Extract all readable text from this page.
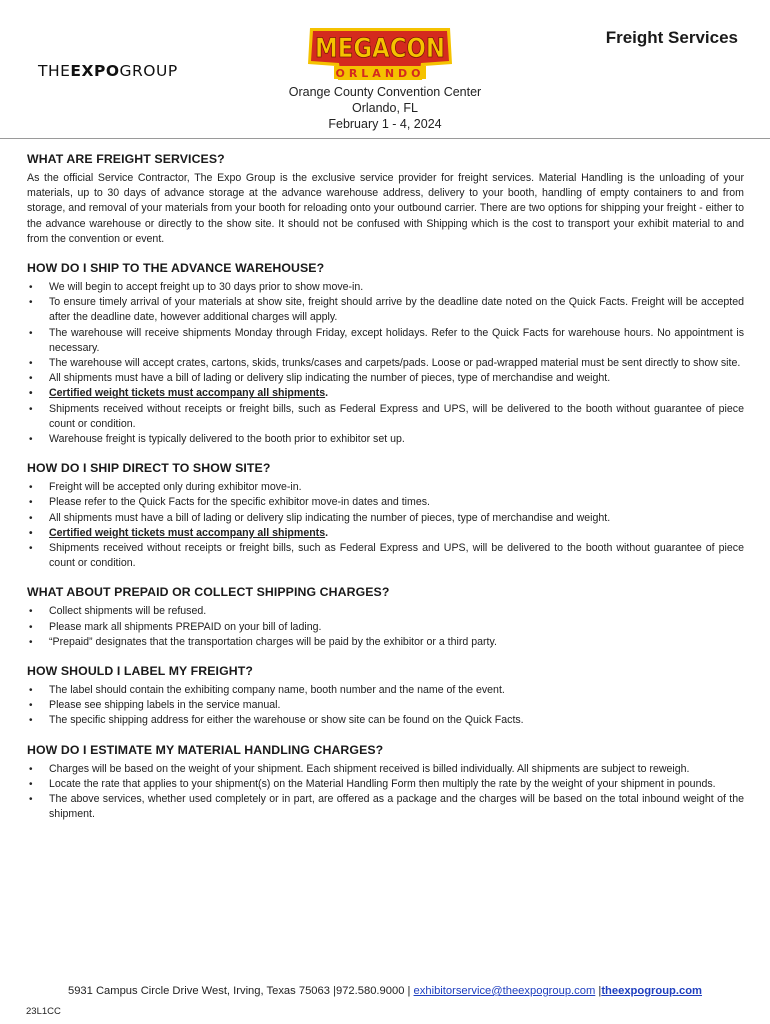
THEEXPOGROUP
MEGACON
ORLANDO
Freight Services
Orange County Convention Center
Orlando, FL
February 1 - 4, 2024
WHAT ARE FREIGHT SERVICES?

As the official Service Contractor, The Expo Group is the exclusive service provider for freight services. Material Handling is the unloading of your materials, up to 30 days of advance storage at the advance warehouse address, delivery to your booth, handling of empty containers to and from storage, and removal of your materials from your booth for reloading onto your outbound carrier. There are two options for shipping your freight - either to the advance warehouse or directly to the show site. It should not be confused with Shipping which is the cost to transport your exhibit material to and from the convention or event.

HOW DO I SHIP TO THE ADVANCE WAREHOUSE?
• We will begin to accept freight up to 30 days prior to show move-in.
• To ensure timely arrival of your materials at show site, freight should arrive by the deadline date noted on the Quick Facts. Freight will be accepted after the deadline date, however additional charges will apply.
• The warehouse will receive shipments Monday through Friday, except holidays. Refer to the Quick Facts for warehouse hours. No appointment is necessary.
• The warehouse will accept crates, cartons, skids, trunks/cases and carpets/pads. Loose or pad-wrapped material must be sent directly to show site.
• All shipments must have a bill of lading or delivery slip indicating the number of pieces, type of merchandise and weight.
• Certified weight tickets must accompany all shipments.
• Shipments received without receipts or freight bills, such as Federal Express and UPS, will be delivered to the booth without guarantee of piece count or condition.
• Warehouse freight is typically delivered to the booth prior to exhibitor set up.
HOW DO I SHIP DIRECT TO SHOW SITE?
• Freight will be accepted only during exhibitor move-in.
• Please refer to the Quick Facts for the specific exhibitor move-in dates and times.
• All shipments must have a bill of lading or delivery slip indicating the number of pieces, type of merchandise and weight.
• Certified weight tickets must accompany all shipments.
• Shipments received without receipts or freight bills, such as Federal Express and UPS, will be delivered to the booth without guarantee of piece count or condition.
WHAT ABOUT PREPAID OR COLLECT SHIPPING CHARGES?
• Collect shipments will be refused.
• Please mark all shipments PREPAID on your bill of lading.
• “Prepaid” designates that the transportation charges will be paid by the exhibitor or a third party.
HOW SHOULD I LABEL MY FREIGHT?
• The label should contain the exhibiting company name, booth number and the name of the event.
• Please see shipping labels in the service manual.
• The specific shipping address for either the warehouse or show site can be found on the Quick Facts.
HOW DO I ESTIMATE MY MATERIAL HANDLING CHARGES?
• Charges will be based on the weight of your shipment. Each shipment received is billed individually. All shipments are subject to reweigh.
• Locate the rate that applies to your shipment(s) on the Material Handling Form then multiply the rate by the weight of your shipment in pounds.
• The above services, whether used completely or in part, are offered as a package and the charges will be based on the total inbound weight of the shipment.
5931 Campus Circle Drive West, Irving, Texas 75063 |972.580.9000 | exhibitorservice@theexpogroup.com |theexpogroup.com
23L1CC
